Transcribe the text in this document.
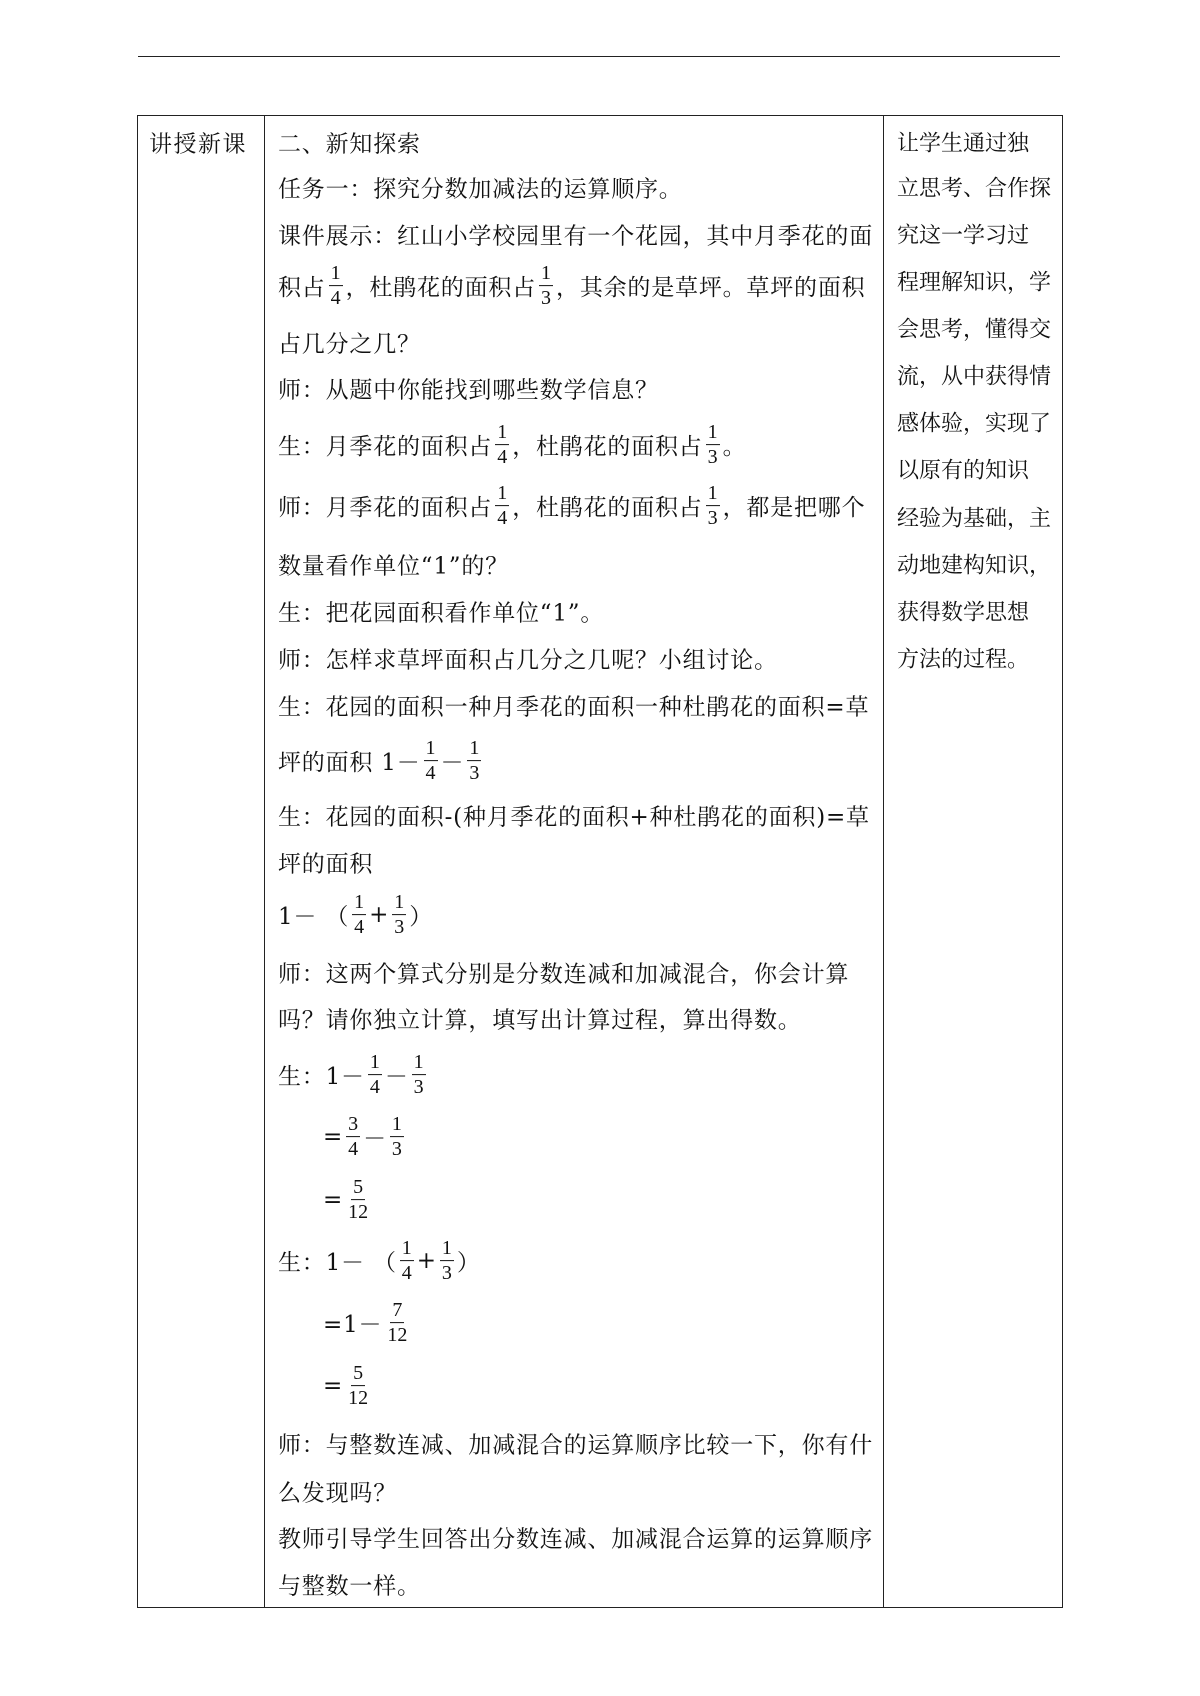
讲授新课 二、新知探索
任务一：探究分数加减法的运算顺序。
课件展示：红山小学校园里有一个花园，其中月季花的面
积占 $\frac{1}{4}$ ，杜鹃花的面积占 $\frac{1}{3}$ ，其余的是草坪。草坪的面积
占几分之几？
师：从题中你能找到哪些数学信息？
生：月季花的面积占 $\frac{1}{4}$ ，杜鹃花的面积占 $\frac{1}{3}$ 。
师：月季花的面积占 $\frac{1}{4}$ ，杜鹃花的面积占 $\frac{1}{3}$ ，都是把哪个
数量看作单位“1”的？
生：把花园面积看作单位“1”。
师：怎样求草坪面积占几分之几呢？小组讨论。
生：花园的面积一种月季花的面积一种杜鹃花的面积=草
坪的面积 $1- \frac{1}{4} - \frac{1}{3}$
生：花园的面积-(种月季花的面积+种杜鹃花的面积)=草
坪的面积
1－ （ $\frac{1}{4} + \frac{1}{3}$ ）
师：这两个算式分别是分数连减和加减混合，你会计算
吗？请你独立计算，填写出计算过程，算出得数。
生：$1- \frac{1}{4} - \frac{1}{3}$
= $\frac{3}{4} - \frac{1}{3}$
= $\frac{5}{12}$
生：1－ （ $\frac{1}{4} + \frac{1}{3}$ ）
$=1- \frac{7}{12}$
= $\frac{5}{12}$
师：与整数连减、加减混合的运算顺序比较一下，你有什
么发现吗？
教师引导学生回答出分数连减、加减混合运算的运算顺序
与整数一样。
让学生通过独
立思考、合作探
究这一学习过
程理解知识，学
会思考，懂得交
流，从中获得情
感体验，实现了
以原有的知识
经验为基础，主
动地建构知识，
获得数学思想
方法的过程。
